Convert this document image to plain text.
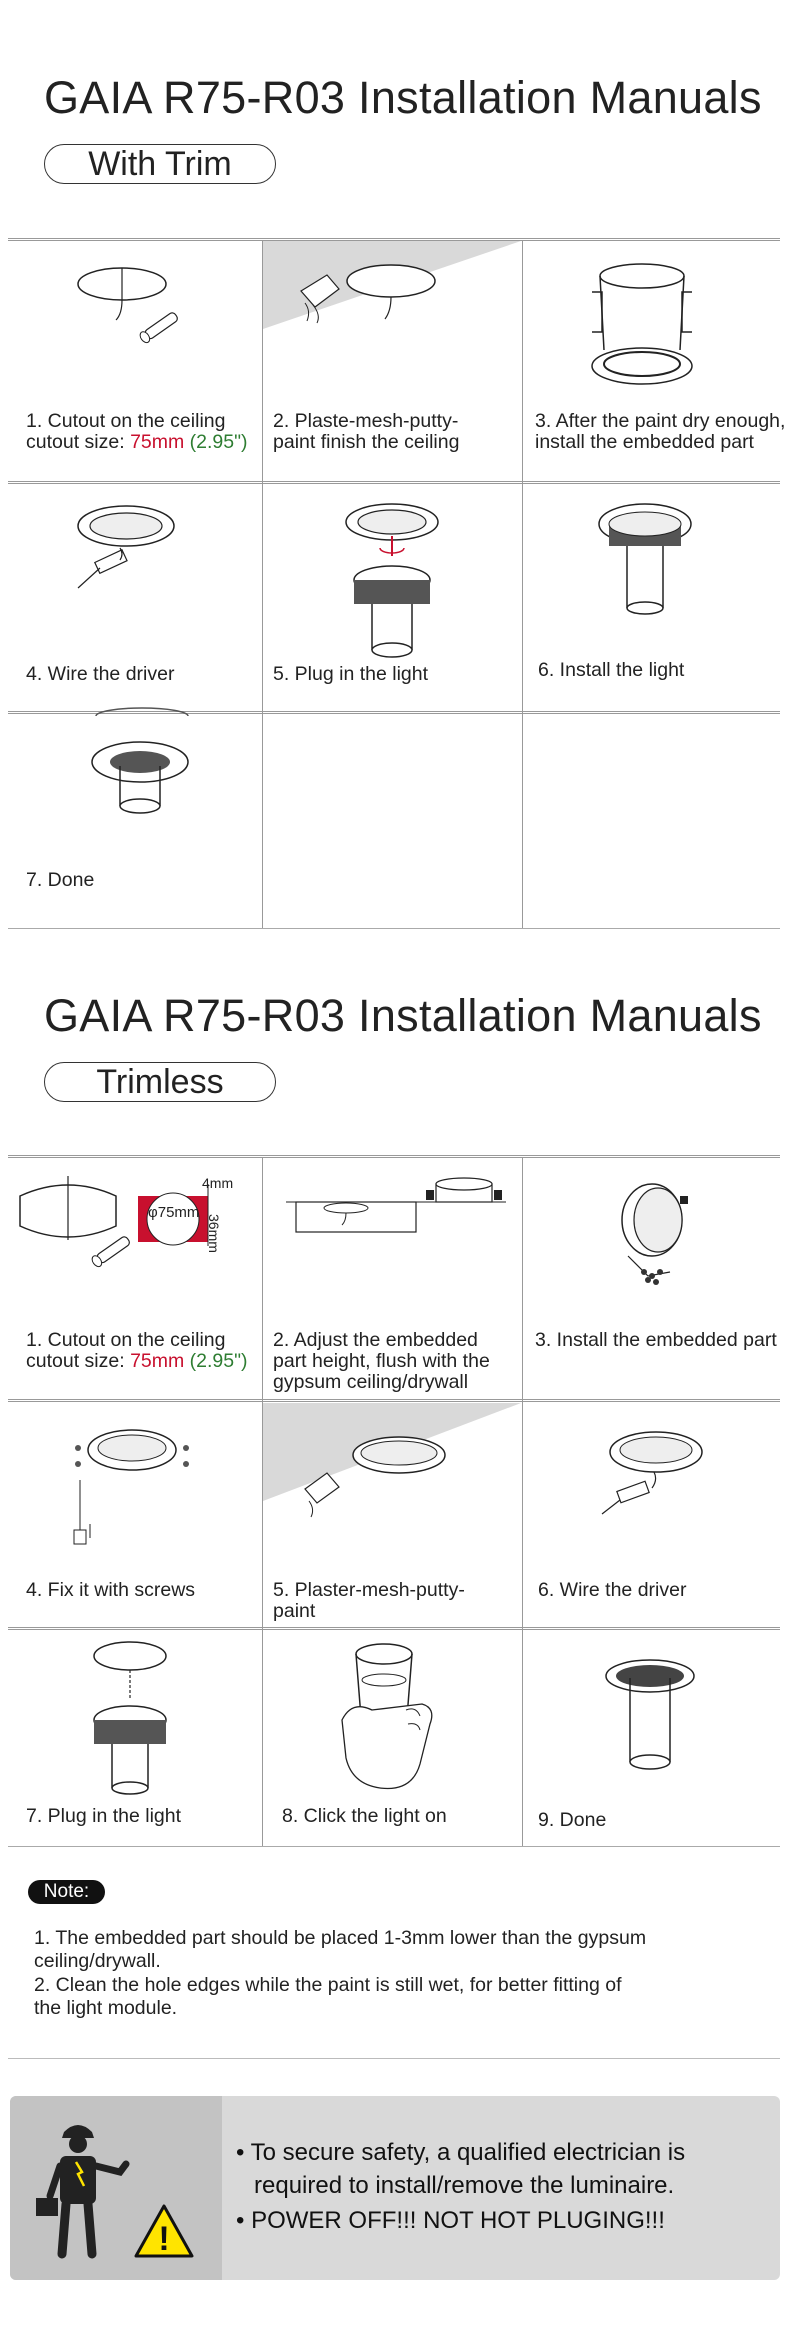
GAIA R75-R03 Installation Manuals
With Trim
1. Cutout on the ceiling
cutout size: 75mm (2.95")
2. Plaste-mesh-putty-
paint finish the ceiling
3. After the paint dry enough,
install the embedded part
4. Wire the driver	5. Plug in the light	6. Install the light
7. Done
GAIA R75-R03 Installation Manuals
Trimless
φ75mm
4mm
36mm
1. Cutout on the ceiling
cutout size: 75mm (2.95")
2. Adjust the embedded
part height, flush with the
gypsum ceiling/drywall
3. Install the embedded part
4. Fix it with screws	5. Plaster-mesh-putty-
paint
6. Wire the driver
7. Plug in the light	8. Click the light on	9. Done
Note:
1. The embedded part should be placed 1-3mm lower than the gypsum
ceiling/drywall.
2. Clean the hole edges while the paint is still wet, for better fitting of
the light module.
!
• To secure safety, a qualified electrician is
required to install/remove the luminaire.
• POWER OFF!!! NOT HOT PLUGING!!!
